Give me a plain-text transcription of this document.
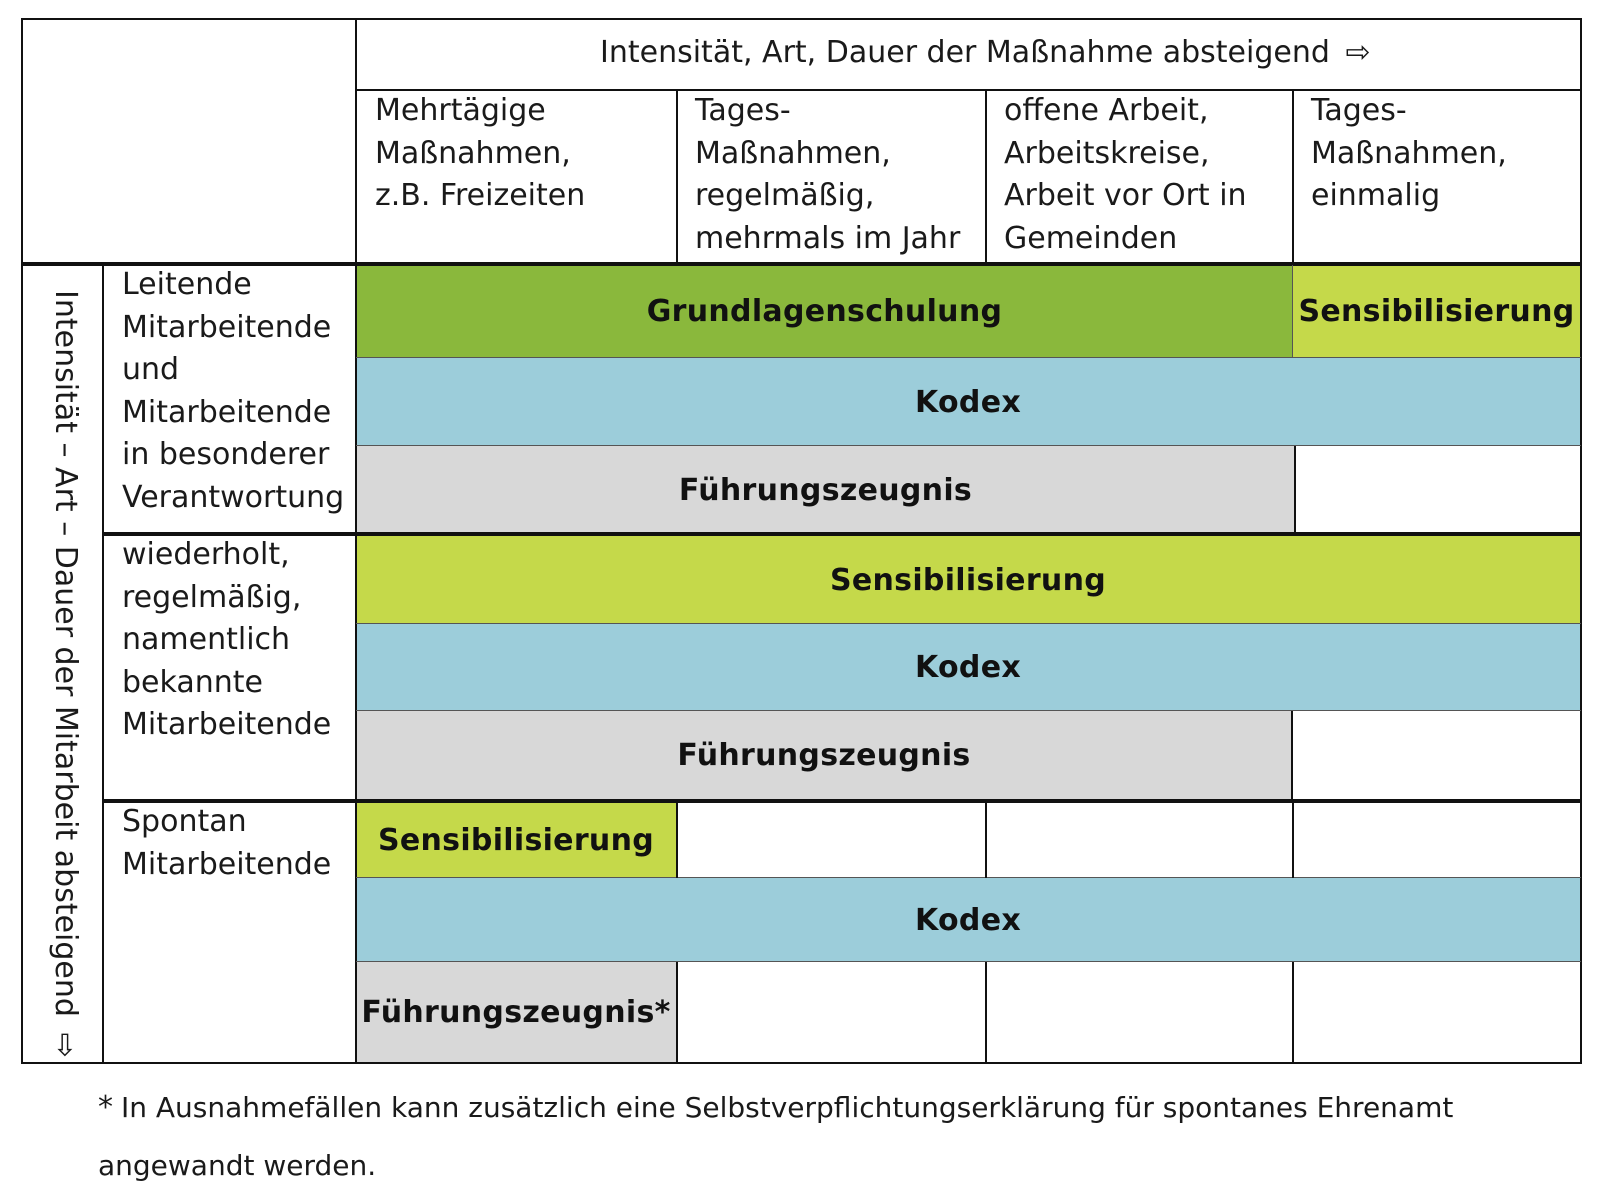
Grundlagenschulung	Sensibilisierung
Kodex
Führungszeugnis
Sensibilisierung
Kodex
Führungszeugnis
Sensibilisierung
Kodex
Führungszeugnis*
Intensität, Art, Dauer der Maßnahme absteigend ⇨
Mehrtägige
Maßnahmen,
z.B. Freizeiten
Tages-
Maßnahmen,
regelmäßig,
mehrmals im Jahr
offene Arbeit,
Arbeitskreise,
Arbeit vor Ort in
Gemeinden
Tages-
Maßnahmen,
einmalig
Leitende
Mitarbeitende
und
Mitarbeitende
in besonderer
Verantwortung
wiederholt,
regelmäßig,
namentlich
bekannte
Mitarbeitende
Spontan
Mitarbeitende
Intensität – Art – Dauer der Mitarbeit absteigend ⇩
* In Ausnahmefällen kann zusätzlich eine Selbstverpflichtungserklärung für spontanes Ehrenamt
angewandt werden.
